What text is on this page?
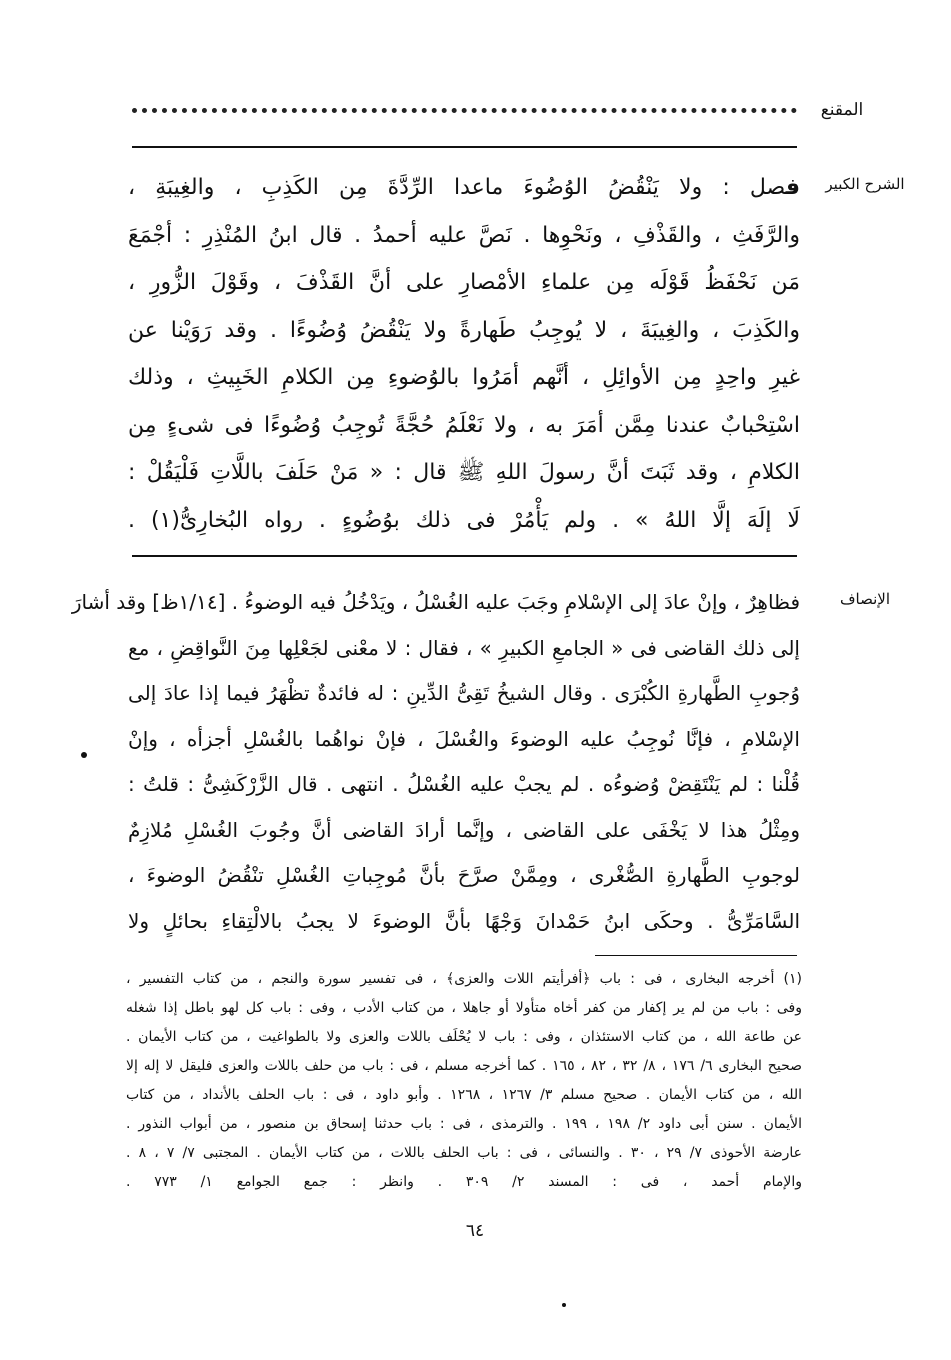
المقنع
الشرح الكبير
فصل : ولا يَنْقُضُ الوُضُوءَ ماعدا الرِّدَّةَ مِن الكَذِبِ ، والغِيبَةِ ،
والرَّفَثِ ، والقَذْفِ ، ونَحْوِها . نَصَّ عليه أحمدُ . قال ابنُ المُنْذِرِ : أجْمَعَ
مَن نَحْفَظُ قَوْلَه مِن علماءِ الأمْصارِ على أنَّ القَذْفَ ، وقَوْلَ الزُّورِ ،
والكَذِبَ ، والغِيبَةَ ، لا يُوجِبُ طَهارةً ولا يَنْقُضُ وُضُوءًا . وقد رَوَيْنا عن
غيرِ واحِدٍ مِن الأوائِلِ ، أنَّهم أمَرُوا بالوُضوءِ مِن الكلامِ الخَبِيثِ ، وذلك
اسْتِحْبابٌ عندنا مِمَّن أمَرَ به ، ولا نَعْلَمُ حُجَّةً تُوجِبُ وُضُوءًا فى شىءٍ مِن
الكلامِ ، وقد ثَبَتَ أنَّ رسولَ اللهِ ﷺ قال : « مَنْ حَلَفَ باللَّاتِ فَلْيَقُلْ :
لَا إلَهَ إلَّا اللهُ » . ولم يَأْمُرْ فى ذلك بوُضُوءٍ . رواه البُخارِىُّ(١) .
الإنصاف
فظاهِرٌ ، وإنْ عادَ إلى الإسْلامِ وجَبَ عليه الغُسْلُ ، ويَدْخُلُ فيه الوضوءُ . [١/١٤ظ] وقد أشارَ
إلى ذلك القاضى فى « الجامعِ الكبيرِ » ، فقال : لا معْنى لجَعْلِها مِنَ النَّواقِضِ ، مع
وُجوبِ الطَّهارةِ الكُبْرَى . وقال الشيخُ تَقِىُّ الدِّينِ : له فائدةٌ تظْهَرُ فيما إذا عادَ إلى
الإسْلامِ ، فإنَّا نُوجِبُ عليه الوضوءَ والغُسْلَ ، فإنْ نواهُما بالغُسْلِ أجزأه ، وإنْ
قُلْنا : لم يَنْتَقِضْ وُضوءُه . لم يجبْ عليه الغُسْلُ . انتهى . قال الزَّرْكَشِىُّ : قلتُ :
ومِثْلُ هذا لا يَخْفَى على القاضى ، وإنَّما أرادَ القاضى أنَّ وجُوبَ الغُسْلِ مُلازِمٌ
لوجوبِ الطَّهارةِ الصُّغْرى ، ومِمَّنْ صرَّحَ بأنَّ مُوجِباتِ الغُسْلِ تنْقُضُ الوضوءَ ،
السَّامَرِّىُّ . وحكَى ابنُ حَمْدانَ وَجْهًا بأنَّ الوضوءَ لا يجبُ بالالْتِقاءِ بحائلٍ ولا
(١) أخرجه البخارى ، فى : باب ﴿أفرأيتم اللات والعزى﴾ ، فى تفسير سورة والنجم ، من كتاب التفسير ،
وفى : باب من لم ير إكفار من كفر أخاه متأولا أو جاهلا ، من كتاب الأدب ، وفى : باب كل لهو باطل إذا شغله
عن طاعة الله ، من كتاب الاستئذان ، وفى : باب لا يُحْلَف باللات والعزى ولا بالطواغيت ، من كتاب الأيمان .
صحيح البخارى ٦/ ١٧٦ ، ٨/ ٣٢ ، ٨٢ ، ١٦٥ . كما أخرجه مسلم ، فى : باب من حلف باللات والعزى فليقل لا إله إلا
الله ، من كتاب الأيمان . صحيح مسلم ٣/ ١٢٦٧ ، ١٢٦٨ . وأبو داود ، فى : باب الحلف بالأنداد ، من كتاب
الأيمان . سنن أبى داود ٢/ ١٩٨ ، ١٩٩ . والترمذى ، فى : باب حدثنا إسحاق بن منصور ، من أبواب النذور .
عارضة الأحوذى ٧/ ٢٩ ، ٣٠ . والنسائى ، فى : باب الحلف باللات ، من كتاب الأيمان . المجتبى ٧/ ٧ ، ٨ .
والإمام أحمد ، فى : المسند ٢/ ٣٠٩ . وانظر : جمع الجوامع ١/ ٧٧٣ .
٦٤
